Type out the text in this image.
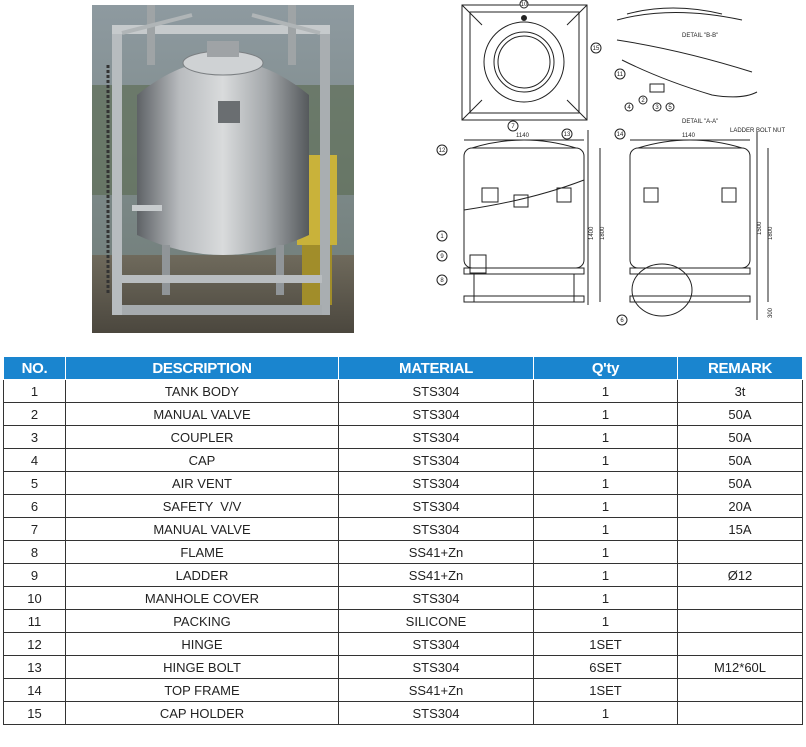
DETAIL "B-B"
DETAIL "A-A"
LADDER BOLT NUT
1140	1140
1800
1400	1800
1500
300
1
2
3
4	5
6
7
8
9
10
11
12
13	14
15
NO.	DESCRIPTION	MATERIAL	Q'ty	REMARK
1	TANK BODY	STS304	1	3t
2	MANUAL VALVE	STS304	1	50A
3	COUPLER	STS304	1	50A
4	CAP	STS304	1	50A
5	AIR VENT	STS304	1	50A
6	SAFETY  V/V	STS304	1	20A
7	MANUAL VALVE	STS304	1	15A
8	FLAME	SS41+Zn	1	
9	LADDER	SS41+Zn	1	Ø12
10	MANHOLE COVER	STS304	1	
11	PACKING	SILICONE	1	
12	HINGE	STS304	1SET	
13	HINGE BOLT	STS304	6SET	M12*60L
14	TOP FRAME	SS41+Zn	1SET	
15	CAP HOLDER	STS304	1	
